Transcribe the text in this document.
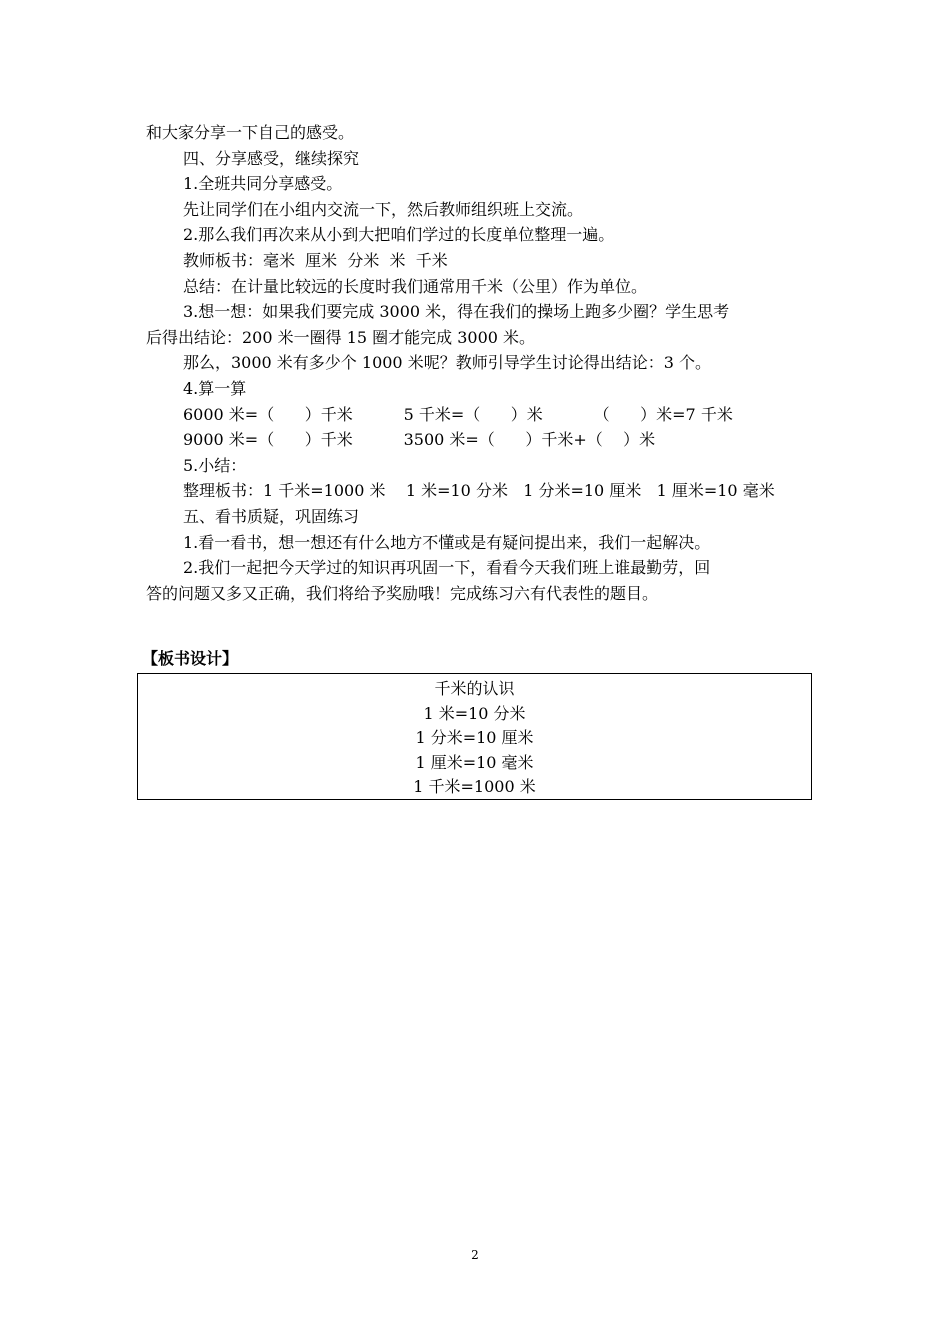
和大家分享一下自己的感受。

四、分享感受，继续探究

1.全班共同分享感受。

先让同学们在小组内交流一下，然后教师组织班上交流。

2.那么我们再次来从小到大把咱们学过的长度单位整理一遍。

教师板书：毫米  厘米  分米  米  千米

总结：在计量比较远的长度时我们通常用千米（公里）作为单位。

3.想一想：如果我们要完成 3000 米，得在我们的操场上跑多少圈？学生思考

后得出结论：200 米一圈得 15 圈才能完成 3000 米。

那么，3000 米有多少个 1000 米呢？教师引导学生讨论得出结论：3 个。

4.算一算

6000 米=（      ）千米          5 千米=（      ）米          （      ）米=7 千米

9000 米=（      ）千米          3500 米=（      ）千米+（    ）米

5.小结：

整理板书：1 千米=1000 米    1 米=10 分米   1 分米=10 厘米   1 厘米=10 毫米

五、看书质疑，巩固练习

1.看一看书，想一想还有什么地方不懂或是有疑问提出来，我们一起解决。

2.我们一起把今天学过的知识再巩固一下，看看今天我们班上谁最勤劳，回

答的问题又多又正确，我们将给予奖励哦！完成练习六有代表性的题目。

【板书设计】
千米的认识
1 米=10 分米
1 分米=10 厘米
1 厘米=10 毫米
1 千米=1000 米
2
